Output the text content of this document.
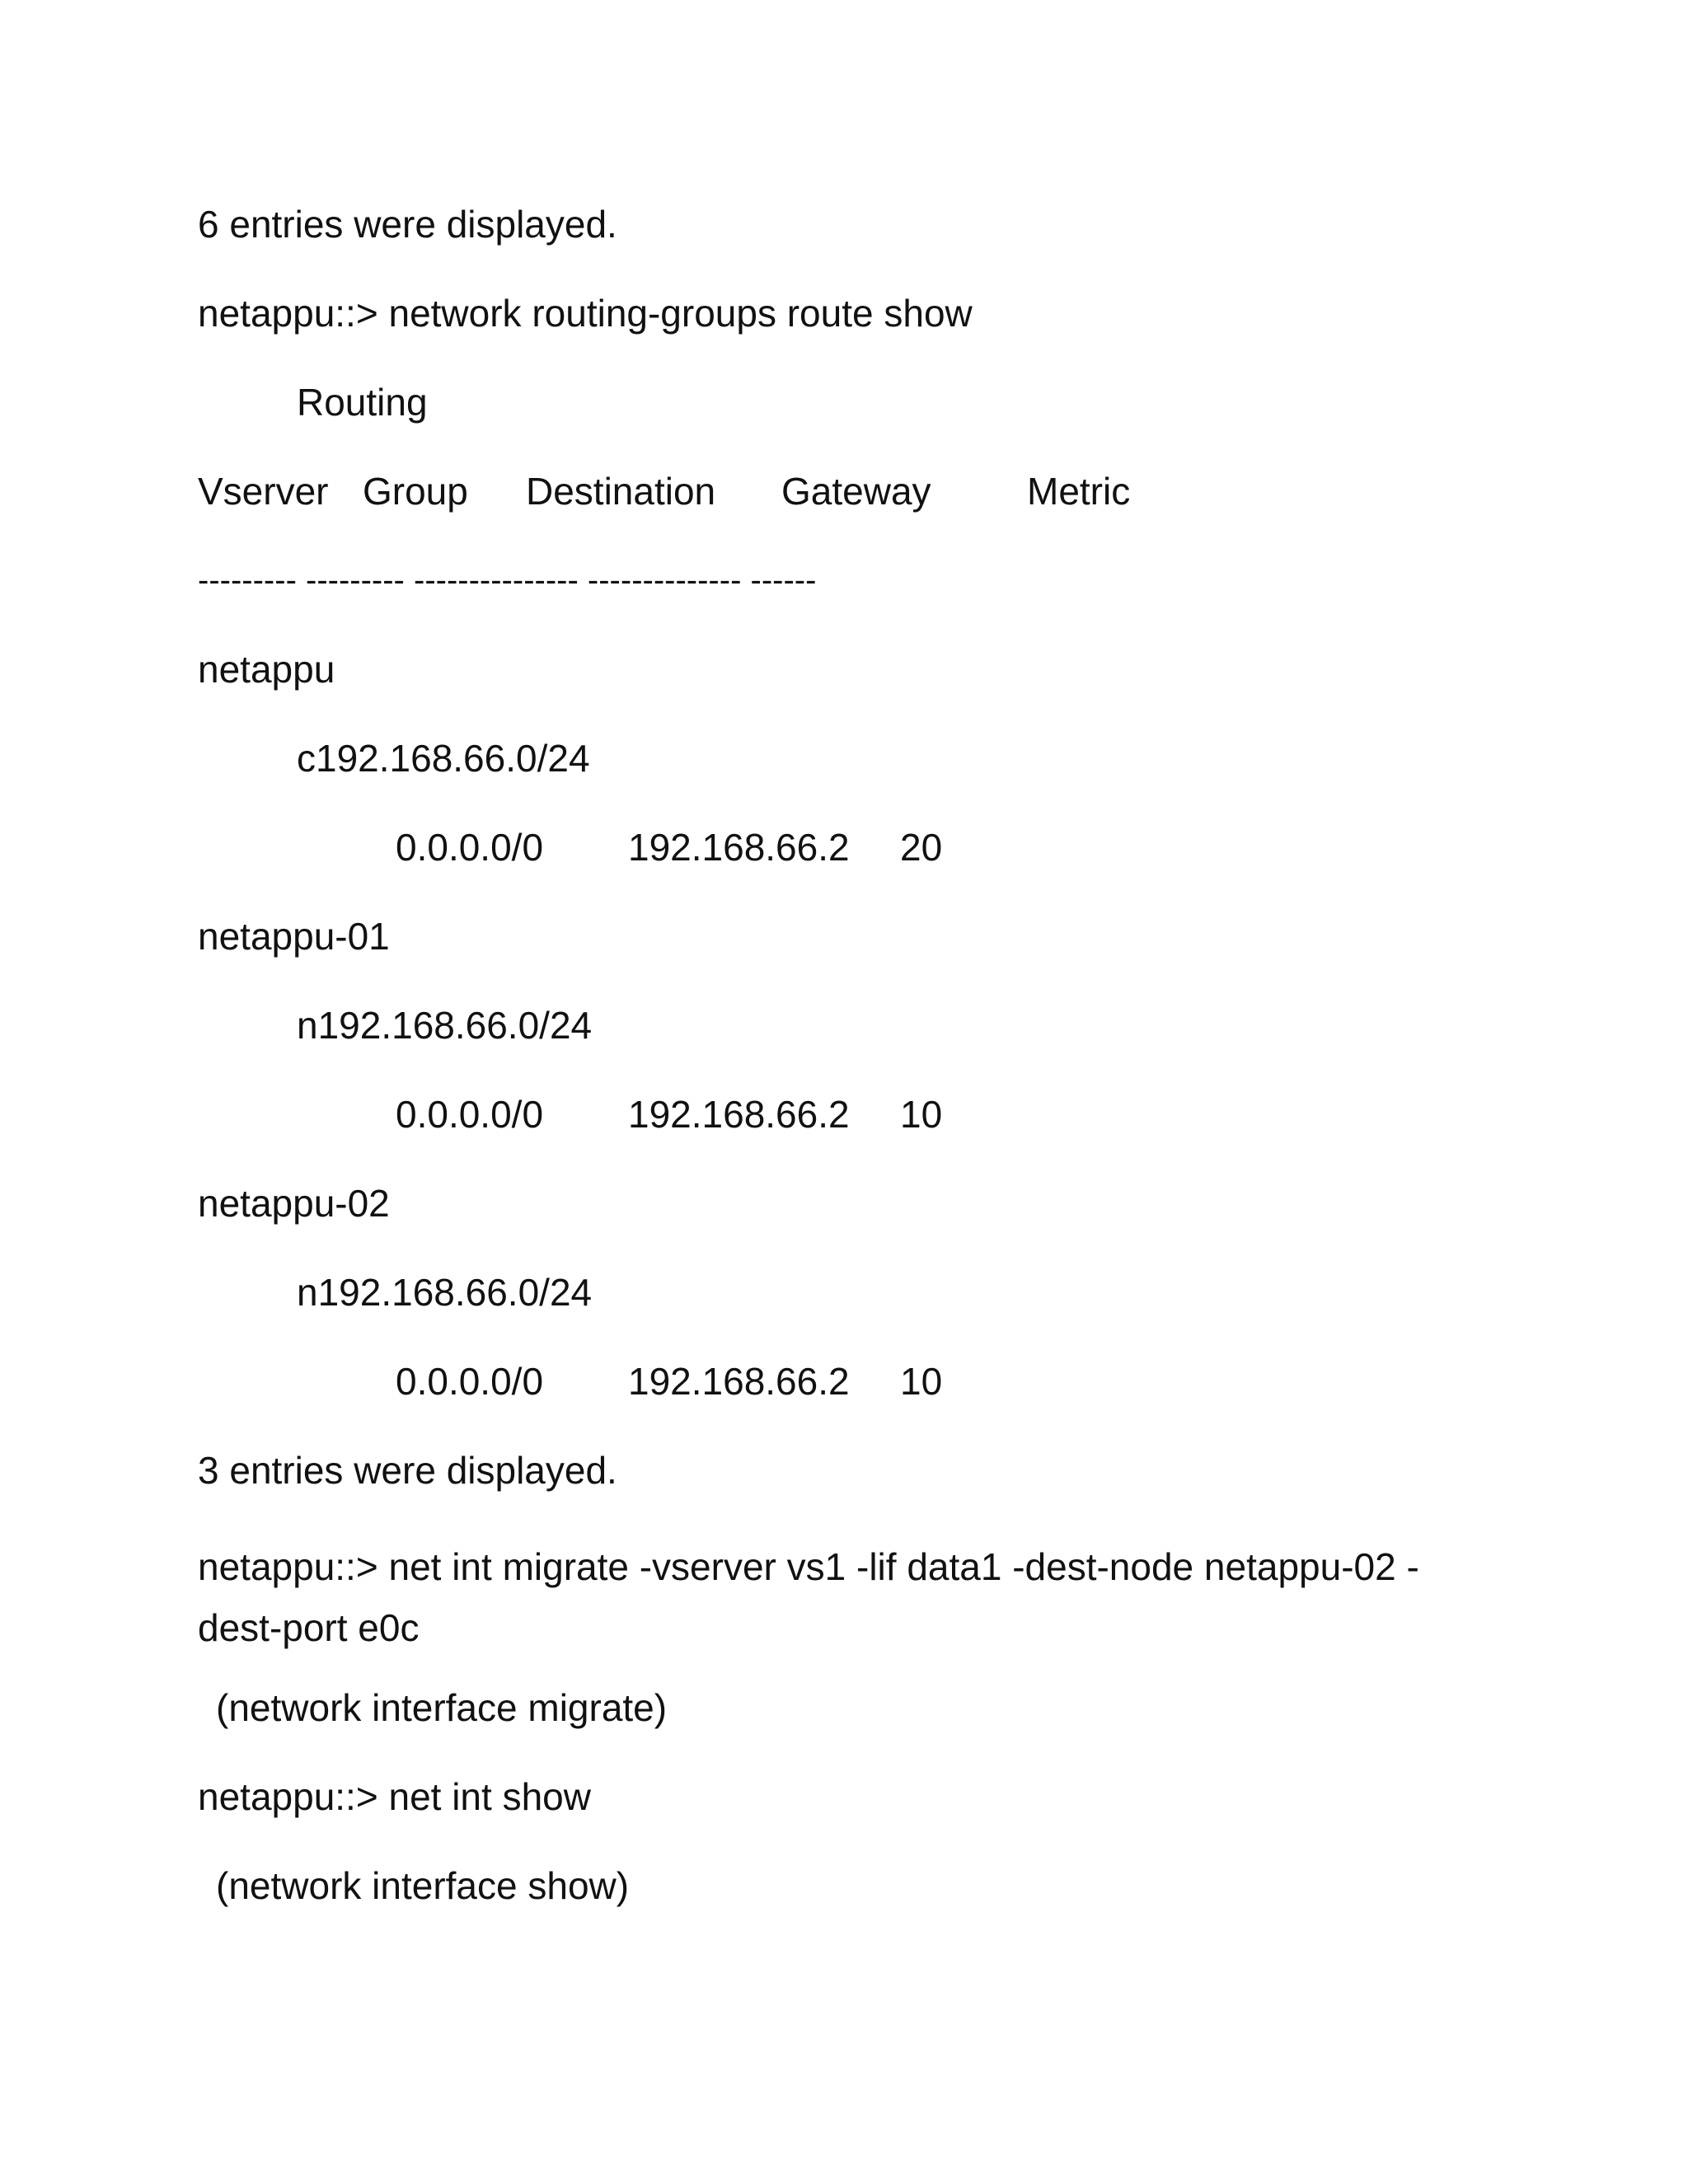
6 entries were displayed.
netappu::> network routing-groups route show
Routing
Vserver Group Destination Gateway	Metric
--------- --------- --------------- -------------- ------
netappu
c192.168.66.0/24
0.0.0.0/0 192.168.66.2 20
netappu-01
n192.168.66.0/24
0.0.0.0/0 192.168.66.2 10
netappu-02
n192.168.66.0/24
0.0.0.0/0 192.168.66.2 10
3 entries were displayed.
netappu::> net int migrate -vserver vs1 -lif data1 -dest-node netappu-02 -dest-port e0c
(network interface migrate)
netappu::> net int show
(network interface show)
